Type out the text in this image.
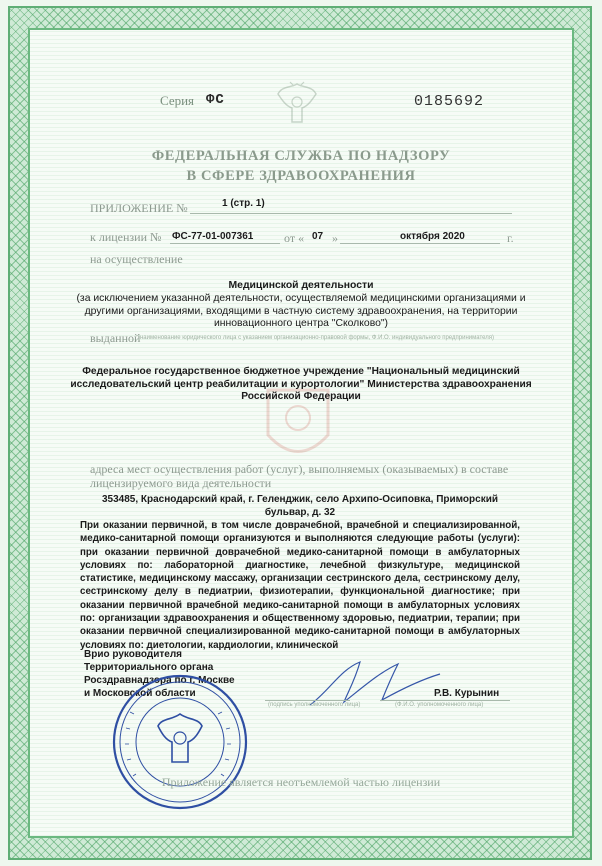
Серия ФС	0185692
ФЕДЕРАЛЬНАЯ СЛУЖБА ПО НАДЗОРУ
В СФЕРЕ ЗДРАВООХРАНЕНИЯ
ПРИЛОЖЕНИЕ №	1 (стр. 1)
к лицензии № ФС-77-01-007361	от « 07 »	октября 2020	г.
на осуществление
Медицинской деятельности
(за исключением указанной деятельности, осуществляемой медицинскими организациями и другими организациями, входящими в частную систему здравоохранения, на территории инновационного центра "Сколково")
выданной
(наименование юридического лица с указанием организационно-правовой формы, Ф.И.О. индивидуального предпринимателя)
Федеральное государственное бюджетное учреждение "Национальный медицинский исследовательский центр реабилитации и курортологии" Министерства здравоохранения Российской Федерации
адреса мест осуществления работ (услуг), выполняемых (оказываемых) в составе лицензируемого вида деятельности
353485, Краснодарский край, г. Геленджик, село Архипо-Осиповка, Приморский бульвар, д. 32
При оказании первичной, в том числе доврачебной, врачебной и специализированной, медико-санитарной помощи организуются и выполняются следующие работы (услуги): при оказании первичной доврачебной медико-санитарной помощи в амбулаторных условиях по: лабораторной диагностике, лечебной физкультуре, медицинской статистике, медицинскому массажу, организации сестринского дела, сестринскому делу, сестринскому делу в педиатрии, физиотерапии, функциональной диагностике; при оказании первичной врачебной медико-санитарной помощи в амбулаторных условиях по: организации здравоохранения и общественному здоровью, педиатрии, терапии; при оказании первичной специализированной медико-санитарной помощи в амбулаторных условиях по: диетологии, кардиологии, клинической
Врио руководителя
Территориального органа
Росздравнадзора по г. Москве
и Московской области
(подпись уполномоченного лица)	(Ф.И.О. уполномоченного лица)
Р.В. Курынин
Приложение является неотъемлемой частью лицензии
